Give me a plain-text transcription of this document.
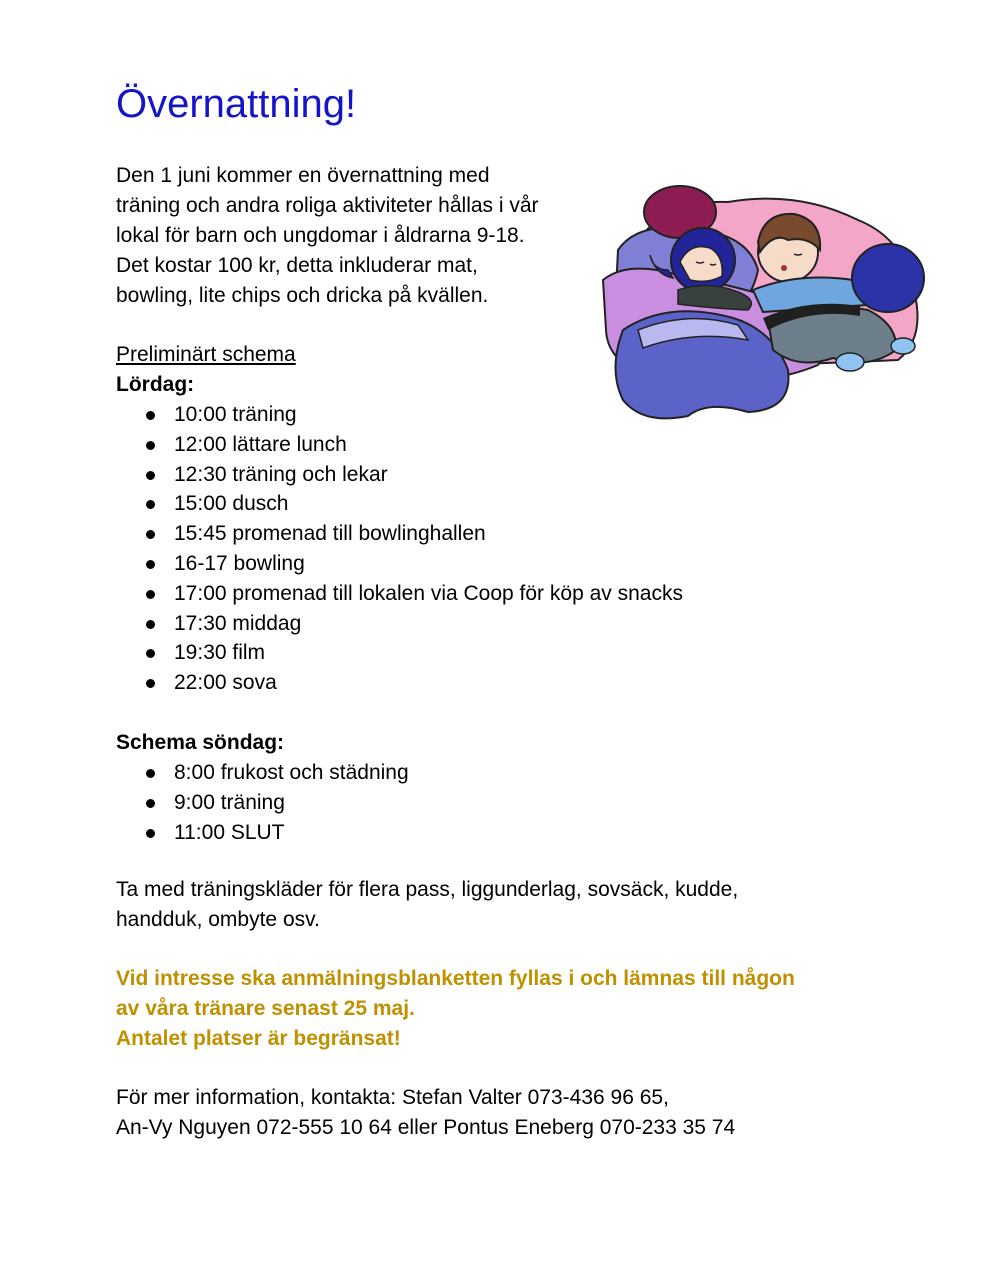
Övernattning!

Den 1 juni kommer en övernattning med
träning och andra roliga aktiviteter hållas i vår
lokal för barn och ungdomar i åldrarna 9-18.
Det kostar 100 kr, detta inkluderar mat,
bowling, lite chips och dricka på kvällen.

Preliminärt schema

Lördag:

10:00 träning
12:00 lättare lunch
12:30 träning och lekar
15:00 dusch
15:45 promenad till bowlinghallen
16-17 bowling
17:00 promenad till lokalen via Coop för köp av snacks
17:30 middag
19:30 film
22:00 sova

Schema söndag:

8:00 frukost och städning
9:00 träning
11:00 SLUT

Ta med träningskläder för flera pass, liggunderlag, sovsäck, kudde,
handduk, ombyte osv.

Vid intresse ska anmälningsblanketten fyllas i och lämnas till någon
av våra tränare senast 25 maj.
Antalet platser är begränsat!

För mer information, kontakta: Stefan Valter 073-436 96 65,
An-Vy Nguyen 072-555 10 64 eller Pontus Eneberg 070-233 35 74
